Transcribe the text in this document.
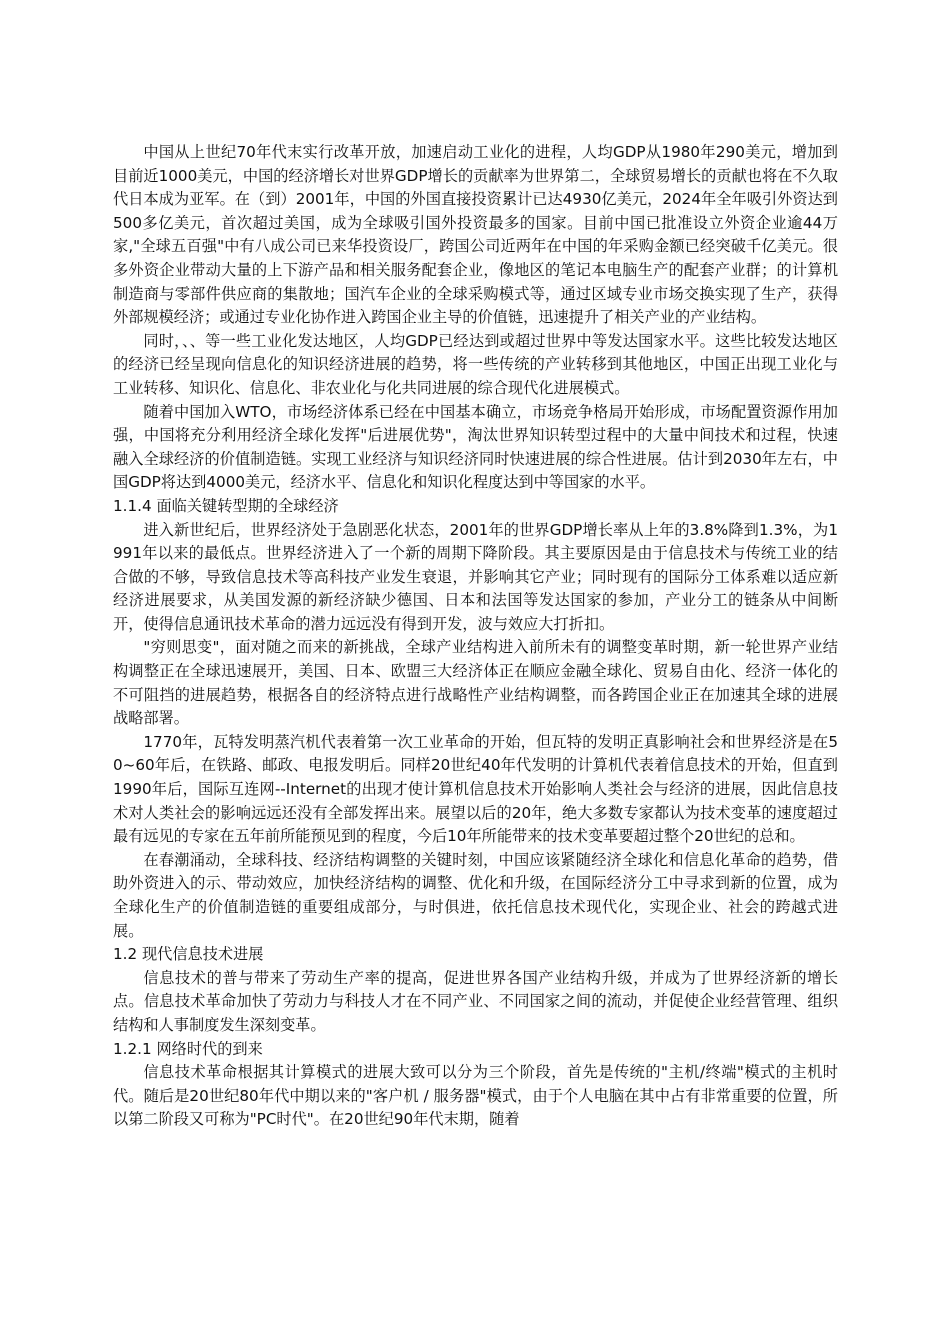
中国从上世纪70年代末实行改革开放，加速启动工业化的进程，人均GDP从1980年290美元，增加到目前近1000美元，中国的经济增长对世界GDP增长的贡献率为世界第二，全球贸易增长的贡献也将在不久取代日本成为亚军。在（到）2001年，中国的外国直接投资累计已达4930亿美元，2024年全年吸引外资达到500多亿美元，首次超过美国，成为全球吸引国外投资最多的国家。目前中国已批准设立外资企业逾44万家,"全球五百强"中有八成公司已来华投资设厂，跨国公司近两年在中国的年采购金额已经突破千亿美元。很多外资企业带动大量的上下游产品和相关服务配套企业，像地区的笔记本电脑生产的配套产业群；的计算机制造商与零部件供应商的集散地；国汽车企业的全球采购模式等，通过区域专业市场交换实现了生产，获得外部规模经济；或通过专业化协作进入跨国企业主导的价值链，迅速提升了相关产业的产业结构。

同时，、、等一些工业化发达地区，人均GDP已经达到或超过世界中等发达国家水平。这些比较发达地区的经济已经呈现向信息化的知识经济进展的趋势，将一些传统的产业转移到其他地区，中国正出现工业化与工业转移、知识化、信息化、非农业化与化共同进展的综合现代化进展模式。

随着中国加入WTO，市场经济体系已经在中国基本确立，市场竞争格局开始形成，市场配置资源作用加强，中国将充分利用经济全球化发挥"后进展优势"，淘汰世界知识转型过程中的大量中间技术和过程，快速融入全球经济的价值制造链。实现工业经济与知识经济同时快速进展的综合性进展。估计到2030年左右，中国GDP将达到4000美元，经济水平、信息化和知识化程度达到中等国家的水平。

1.1.4 面临关键转型期的全球经济

进入新世纪后，世界经济处于急剧恶化状态，2001年的世界GDP增长率从上年的3.8%降到1.3%，为1991年以来的最低点。世界经济进入了一个新的周期下降阶段。其主要原因是由于信息技术与传统工业的结合做的不够，导致信息技术等高科技产业发生衰退，并影响其它产业；同时现有的国际分工体系难以适应新经济进展要求，从美国发源的新经济缺少德国、日本和法国等发达国家的参加，产业分工的链条从中间断开，使得信息通讯技术革命的潜力远远没有得到开发，波与效应大打折扣。

"穷则思变"，面对随之而来的新挑战，全球产业结构进入前所未有的调整变革时期，新一轮世界产业结构调整正在全球迅速展开，美国、日本、欧盟三大经济体正在顺应金融全球化、贸易自由化、经济一体化的不可阻挡的进展趋势，根据各自的经济特点进行战略性产业结构调整，而各跨国企业正在加速其全球的进展战略部署。

1770年，瓦特发明蒸汽机代表着第一次工业革命的开始，但瓦特的发明正真影响社会和世界经济是在50~60年后，在铁路、邮政、电报发明后。同样20世纪40年代发明的计算机代表着信息技术的开始，但直到1990年后，国际互连网--Internet的出现才使计算机信息技术开始影响人类社会与经济的进展，因此信息技术对人类社会的影响远远还没有全部发挥出来。展望以后的20年，绝大多数专家都认为技术变革的速度超过最有远见的专家在五年前所能预见到的程度，今后10年所能带来的技术变革要超过整个20世纪的总和。

在春潮涌动，全球科技、经济结构调整的关键时刻，中国应该紧随经济全球化和信息化革命的趋势，借助外资进入的示、带动效应，加快经济结构的调整、优化和升级，在国际经济分工中寻求到新的位置，成为全球化生产的价值制造链的重要组成部分，与时俱进，依托信息技术现代化，实现企业、社会的跨越式进展。

1.2 现代信息技术进展

信息技术的普与带来了劳动生产率的提高，促进世界各国产业结构升级，并成为了世界经济新的增长点。信息技术革命加快了劳动力与科技人才在不同产业、不同国家之间的流动，并促使企业经营管理、组织结构和人事制度发生深刻变革。

1.2.1 网络时代的到来

信息技术革命根据其计算模式的进展大致可以分为三个阶段，首先是传统的"主机/终端"模式的主机时代。随后是20世纪80年代中期以来的"客户机 / 服务器"模式，由于个人电脑在其中占有非常重要的位置，所以第二阶段又可称为"PC时代"。在20世纪90年代末期，随着
